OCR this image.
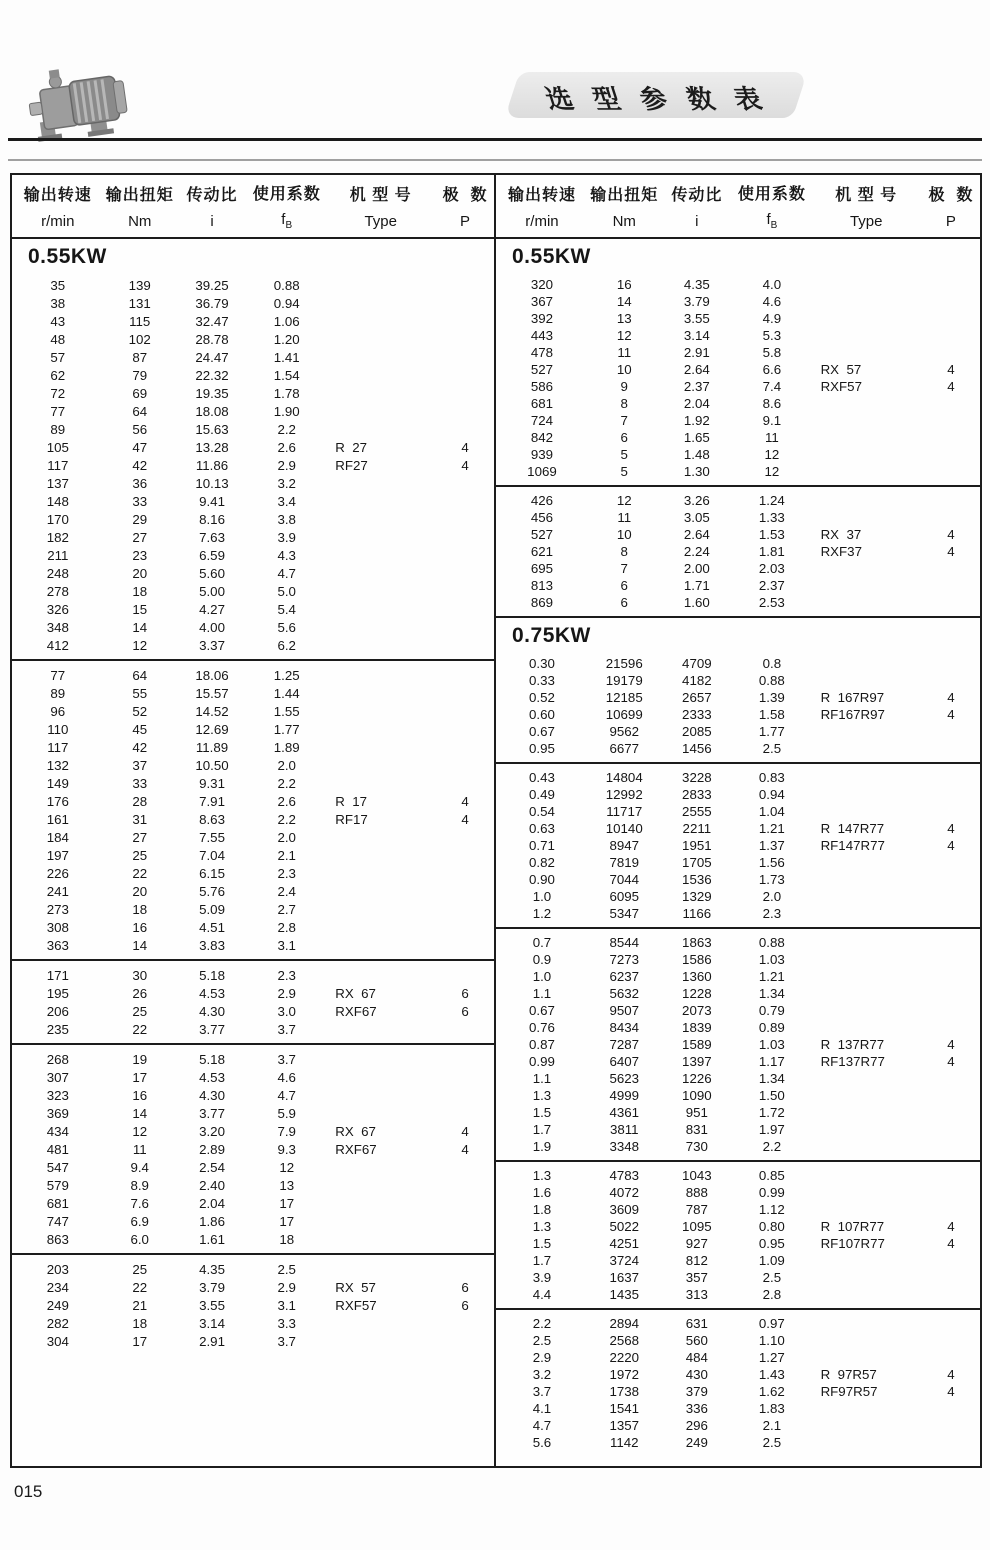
选 型 参 数 表
输出转速
r/min
输出扭矩
Nm
传动比
i
使用系数
$f_B$
机 型 号
Type
极  数
P
0.55KW
35	139	39.25	0.88
38	131	36.79	0.94
43	115	32.47	1.06
48	102	28.78	1.20
57	87	24.47	1.41
62	79	22.32	1.54
72	69	19.35	1.78
77	64	18.08	1.90
89	56	15.63	2.2
105	47	13.28	2.6	R  27	4
117	42	11.86	2.9	RF27	4
137	36	10.13	3.2
148	33	9.41	3.4
170	29	8.16	3.8
182	27	7.63	3.9
211	23	6.59	4.3
248	20	5.60	4.7
278	18	5.00	5.0
326	15	4.27	5.4
348	14	4.00	5.6
412	12	3.37	6.2
77	64	18.06	1.25
89	55	15.57	1.44
96	52	14.52	1.55
110	45	12.69	1.77
117	42	11.89	1.89
132	37	10.50	2.0
149	33	9.31	2.2
176	28	7.91	2.6	R  17	4
161	31	8.63	2.2	RF17	4
184	27	7.55	2.0
197	25	7.04	2.1
226	22	6.15	2.3
241	20	5.76	2.4
273	18	5.09	2.7
308	16	4.51	2.8
363	14	3.83	3.1
171	30	5.18	2.3
195	26	4.53	2.9	RX  67	6
206	25	4.30	3.0	RXF67	6
235	22	3.77	3.7
268	19	5.18	3.7
307	17	4.53	4.6
323	16	4.30	4.7
369	14	3.77	5.9
434	12	3.20	7.9	RX  67	4
481	11	2.89	9.3	RXF67	4
547	9.4	2.54	12
579	8.9	2.40	13
681	7.6	2.04	17
747	6.9	1.86	17
863	6.0	1.61	18
203	25	4.35	2.5
234	22	3.79	2.9	RX  57	6
249	21	3.55	3.1	RXF57	6
282	18	3.14	3.3
304	17	2.91	3.7
输出转速
r/min
输出扭矩
Nm
传动比
i
使用系数
$f_B$
机 型 号
Type
极  数
P
0.55KW
320	16	4.35	4.0
367	14	3.79	4.6
392	13	3.55	4.9
443	12	3.14	5.3
478	11	2.91	5.8
527	10	2.64	6.6	RX  57	4
586	9	2.37	7.4	RXF57	4
681	8	2.04	8.6
724	7	1.92	9.1
842	6	1.65	11
939	5	1.48	12
1069	5	1.30	12
426	12	3.26	1.24
456	11	3.05	1.33
527	10	2.64	1.53	RX  37	4
621	8	2.24	1.81	RXF37	4
695	7	2.00	2.03
813	6	1.71	2.37
869	6	1.60	2.53
0.75KW
0.30	21596	4709	0.8
0.33	19179	4182	0.88
0.52	12185	2657	1.39	R  167R97	4
0.60	10699	2333	1.58	RF167R97	4
0.67	9562	2085	1.77
0.95	6677	1456	2.5
0.43	14804	3228	0.83
0.49	12992	2833	0.94
0.54	11717	2555	1.04
0.63	10140	2211	1.21	R  147R77	4
0.71	8947	1951	1.37	RF147R77	4
0.82	7819	1705	1.56
0.90	7044	1536	1.73
1.0	6095	1329	2.0
1.2	5347	1166	2.3
0.7	8544	1863	0.88
0.9	7273	1586	1.03
1.0	6237	1360	1.21
1.1	5632	1228	1.34
0.67	9507	2073	0.79
0.76	8434	1839	0.89
0.87	7287	1589	1.03	R  137R77	4
0.99	6407	1397	1.17	RF137R77	4
1.1	5623	1226	1.34
1.3	4999	1090	1.50
1.5	4361	951	1.72
1.7	3811	831	1.97
1.9	3348	730	2.2
1.3	4783	1043	0.85
1.6	4072	888	0.99
1.8	3609	787	1.12
1.3	5022	1095	0.80	R  107R77	4
1.5	4251	927	0.95	RF107R77	4
1.7	3724	812	1.09
3.9	1637	357	2.5
4.4	1435	313	2.8
2.2	2894	631	0.97
2.5	2568	560	1.10
2.9	2220	484	1.27
3.2	1972	430	1.43	R  97R57	4
3.7	1738	379	1.62	RF97R57	4
4.1	1541	336	1.83
4.7	1357	296	2.1
5.6	1142	249	2.5
015
